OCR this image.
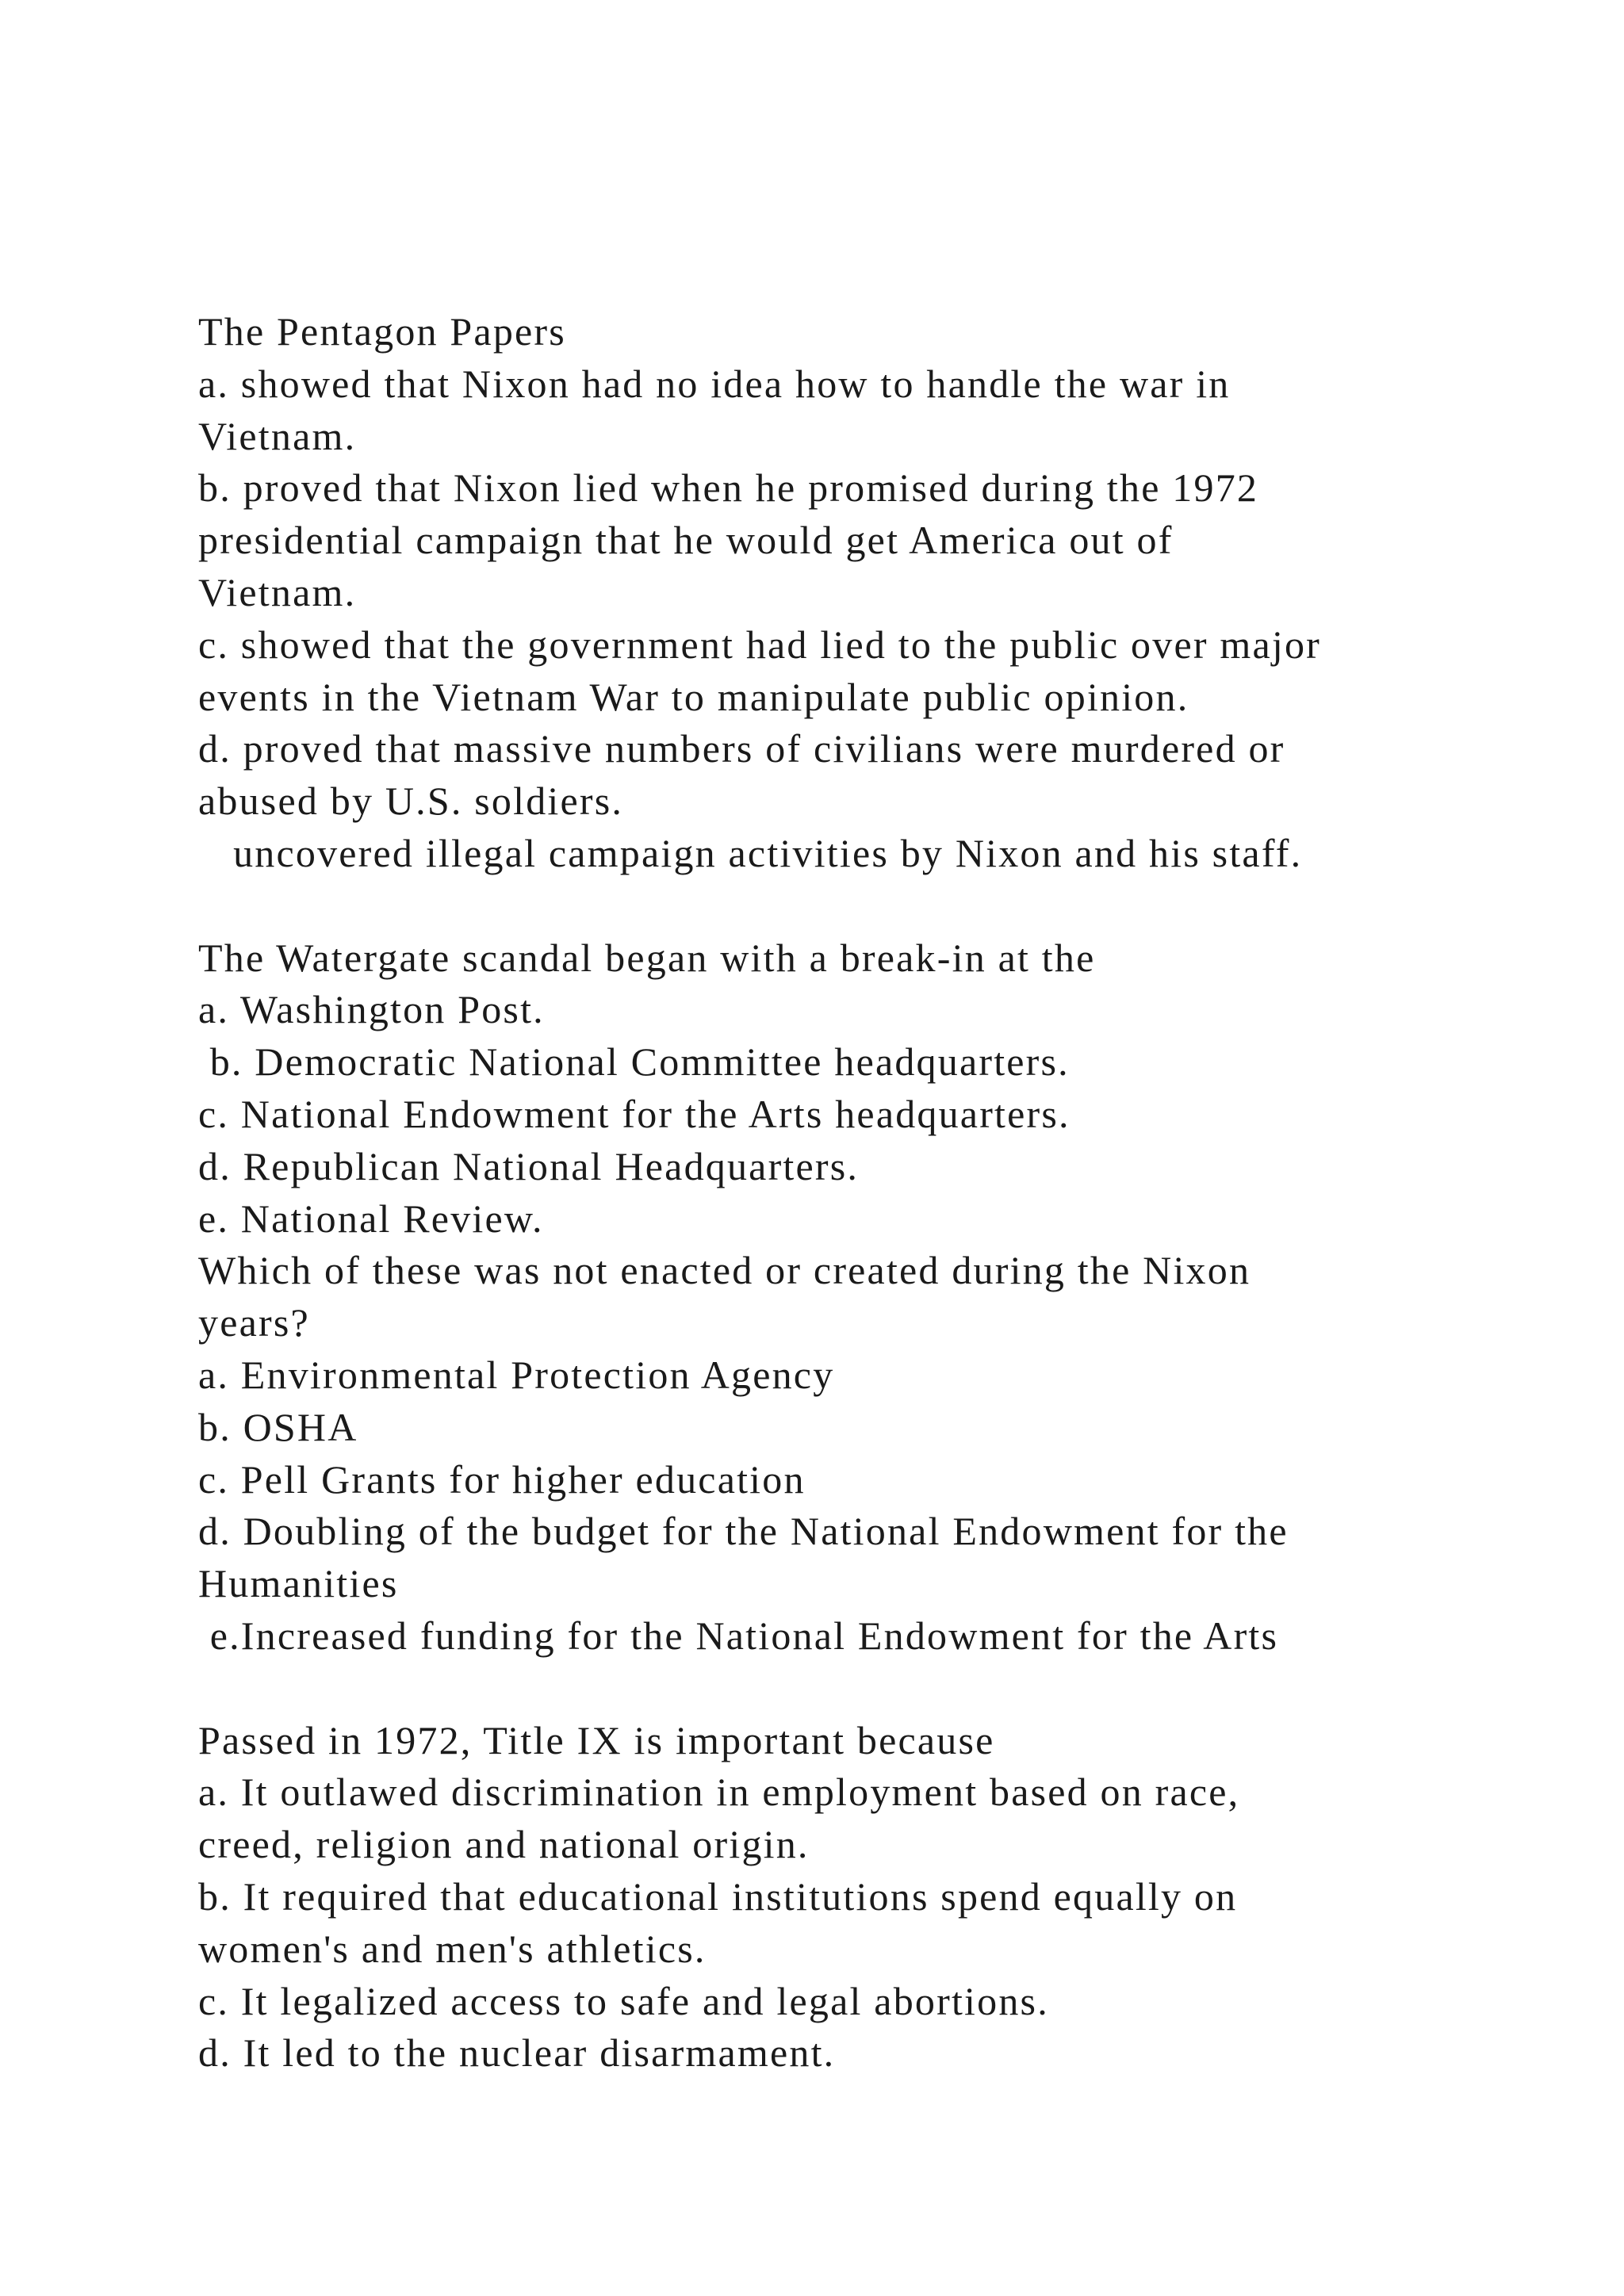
The Pentagon Papers
a. showed that Nixon had no idea how to handle the war in
Vietnam.
b. proved that Nixon lied when he promised during the 1972
presidential campaign that he would get America out of
Vietnam.
c. showed that the government had lied to the public over major
events in the Vietnam War to manipulate public opinion.
d. proved that massive numbers of civilians were murdered or
abused by U.S. soldiers.
uncovered illegal campaign activities by Nixon and his staff.
The Watergate scandal began with a break-in at the
a. Washington Post.
b. Democratic National Committee headquarters.
c. National Endowment for the Arts headquarters.
d. Republican National Headquarters.
e. National Review.
Which of these was not enacted or created during the Nixon
years?
a. Environmental Protection Agency
b. OSHA
c. Pell Grants for higher education
d. Doubling of the budget for the National Endowment for the
Humanities
e.Increased funding for the National Endowment for the Arts
Passed in 1972, Title IX is important because
a. It outlawed discrimination in employment based on race,
creed, religion and national origin.
b. It required that educational institutions spend equally on
women's and men's athletics.
c. It legalized access to safe and legal abortions.
d. It led to the nuclear disarmament.
